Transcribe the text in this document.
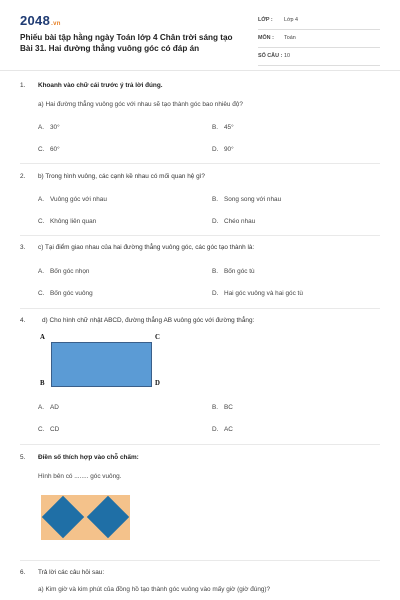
2048.vn
Phiếu bài tập hằng ngày Toán lớp 4 Chân trời sáng tạo Bài 31. Hai đường thẳng vuông góc có đáp án
LỚP : Lớp 4
MÔN : Toán
SỐ CÂU : 10
1. Khoanh vào chữ cái trước ý trả lời đúng.
a) Hai đường thẳng vuông góc với nhau sẽ tạo thành góc bao nhiêu độ?
A. 30°	B. 45°
C. 60°	D. 90°
2. b) Trong hình vuông, các cạnh kề nhau có mối quan hệ gì?
A. Vuông góc với nhau	B. Song song với nhau
C. Không liên quan	D. Chéo nhau
3. c) Tại điểm giao nhau của hai đường thẳng vuông góc, các góc tạo thành là:
A. Bốn góc nhọn	B. Bốn góc tù
C. Bốn góc vuông	D. Hai góc vuông và hai góc tù
4.	d) Cho hình chữ nhật ABCD, đường thẳng AB vuông góc với đường thẳng:
A	C
B	D
A. AD	B. BC
C. CD	D. AC
5. Điền số thích hợp vào chỗ chấm:
Hình bên có ........ góc vuông.
6. Trả lời các câu hỏi sau:
a) Kim giờ và kim phút của đồng hồ tạo thành góc vuông vào mấy giờ (giờ đúng)?
